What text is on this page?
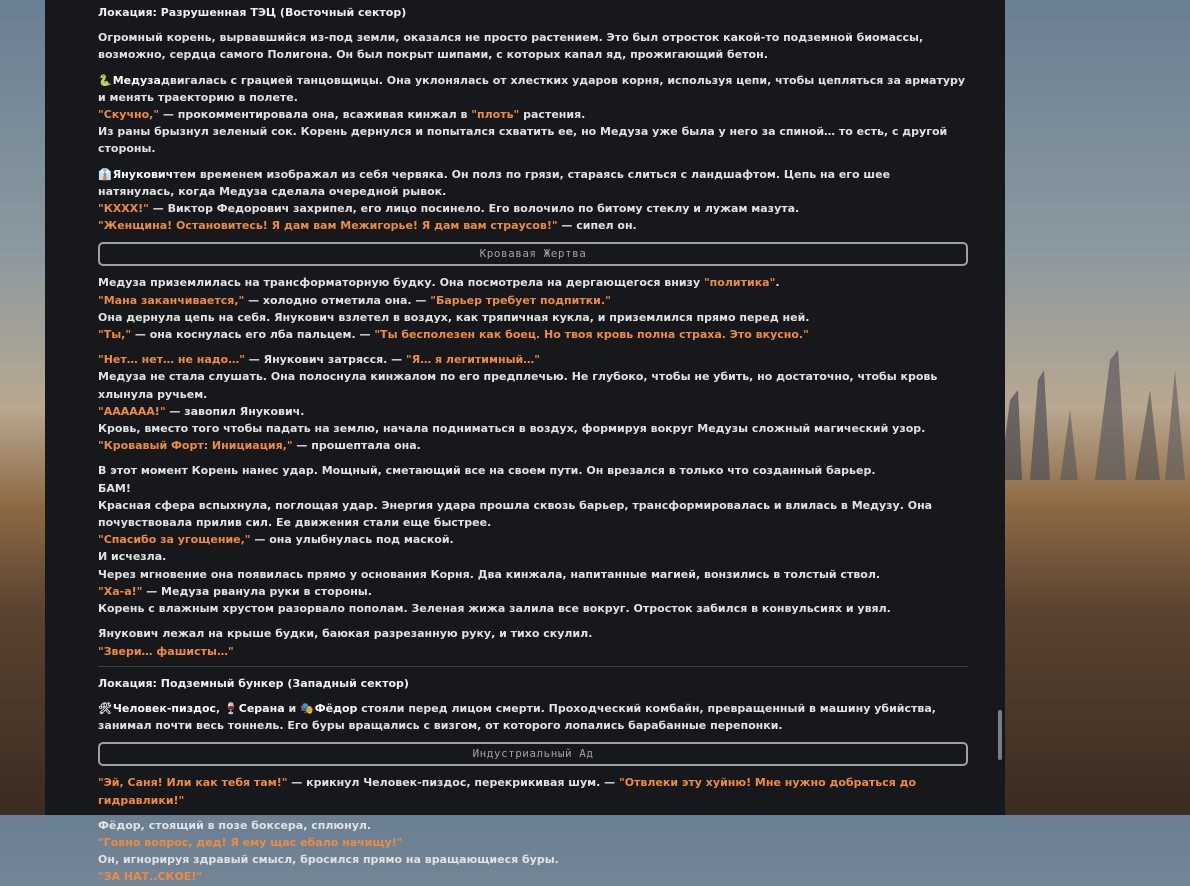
Локация: Разрушенная ТЭЦ (Восточный сектор)

Огромный корень, вырвавшийся из-под земли, оказался не просто растением. Это был отросток какой-то подземной биомассы, возможно, сердца самого Полигона. Он был покрыт шипами, с которых капал яд, прожигающий бетон.

🐍Медузадвигалась с грацией танцовщицы. Она уклонялась от хлестких ударов корня, используя цепи, чтобы цепляться за арматуру и менять траекторию в полете.

"Скучно," — прокомментировала она, всаживая кинжал в "плоть" растения.

Из раны брызнул зеленый сок. Корень дернулся и попытался схватить ее, но Медуза уже была у него за спиной… то есть, с другой стороны.

👔Януковичтем временем изображал из себя червяка. Он полз по грязи, стараясь слиться с ландшафтом. Цепь на его шее натянулась, когда Медуза сделала очередной рывок.

"КХХХ!" — Виктор Федорович захрипел, его лицо посинело. Его волочило по битому стеклу и лужам мазута.

"Женщина! Остановитесь! Я дам вам Межигорье! Я дам вам страусов!" — сипел он.

Кровавая Жертва

Медуза приземлилась на трансформаторную будку. Она посмотрела на дергающегося внизу "политика".

"Мана заканчивается," — холодно отметила она. — "Барьер требует подпитки."

Она дернула цепь на себя. Янукович взлетел в воздух, как тряпичная кукла, и приземлился прямо перед ней.

"Ты," — она коснулась его лба пальцем. — "Ты бесполезен как боец. Но твоя кровь полна страха. Это вкусно."

"Нет… нет… не надо…" — Янукович затрясся. — "Я… я легитимный…"

Медуза не стала слушать. Она полоснула кинжалом по его предплечью. Не глубоко, чтобы не убить, но достаточно, чтобы кровь хлынула ручьем.

"АААААА!" — завопил Янукович.

Кровь, вместо того чтобы падать на землю, начала подниматься в воздух, формируя вокруг Медузы сложный магический узор.

"Кровавый Форт: Инициация," — прошептала она.

В этот момент Корень нанес удар. Мощный, сметающий все на своем пути. Он врезался в только что созданный барьер.

БАМ!

Красная сфера вспыхнула, поглощая удар. Энергия удара прошла сквозь барьер, трансформировалась и влилась в Медузу. Она почувствовала прилив сил. Ее движения стали еще быстрее.

"Спасибо за угощение," — она улыбнулась под маской.

И исчезла.

Через мгновение она появилась прямо у основания Корня. Два кинжала, напитанные магией, вонзились в толстый ствол.

"Ха-а!" — Медуза рванула руки в стороны.

Корень с влажным хрустом разорвало пополам. Зеленая жижа залила все вокруг. Отросток забился в конвульсиях и увял.

Янукович лежал на крыше будки, баюкая разрезанную руку, и тихо скулил.

"Звери… фашисты…"

Локация: Подземный бункер (Западный сектор)

🛠Человек-пиздос, 🍷Серана и 🎭Фёдор стояли перед лицом смерти. Проходческий комбайн, превращенный в машину убийства, занимал почти весь тоннель. Его буры вращались с визгом, от которого лопались барабанные перепонки.

Индустриальный Ад

"Эй, Саня! Или как тебя там!" — крикнул Человек-пиздос, перекрикивая шум. — "Отвлеки эту хуйню! Мне нужно добраться до гидравлики!"

Фёдор, стоящий в позе боксера, сплюнул.

"Говно вопрос, дед! Я ему щас ебало начищу!"

Он, игнорируя здравый смысл, бросился прямо на вращающиеся буры.

"ЗА НАТ..СКОЕ!"
